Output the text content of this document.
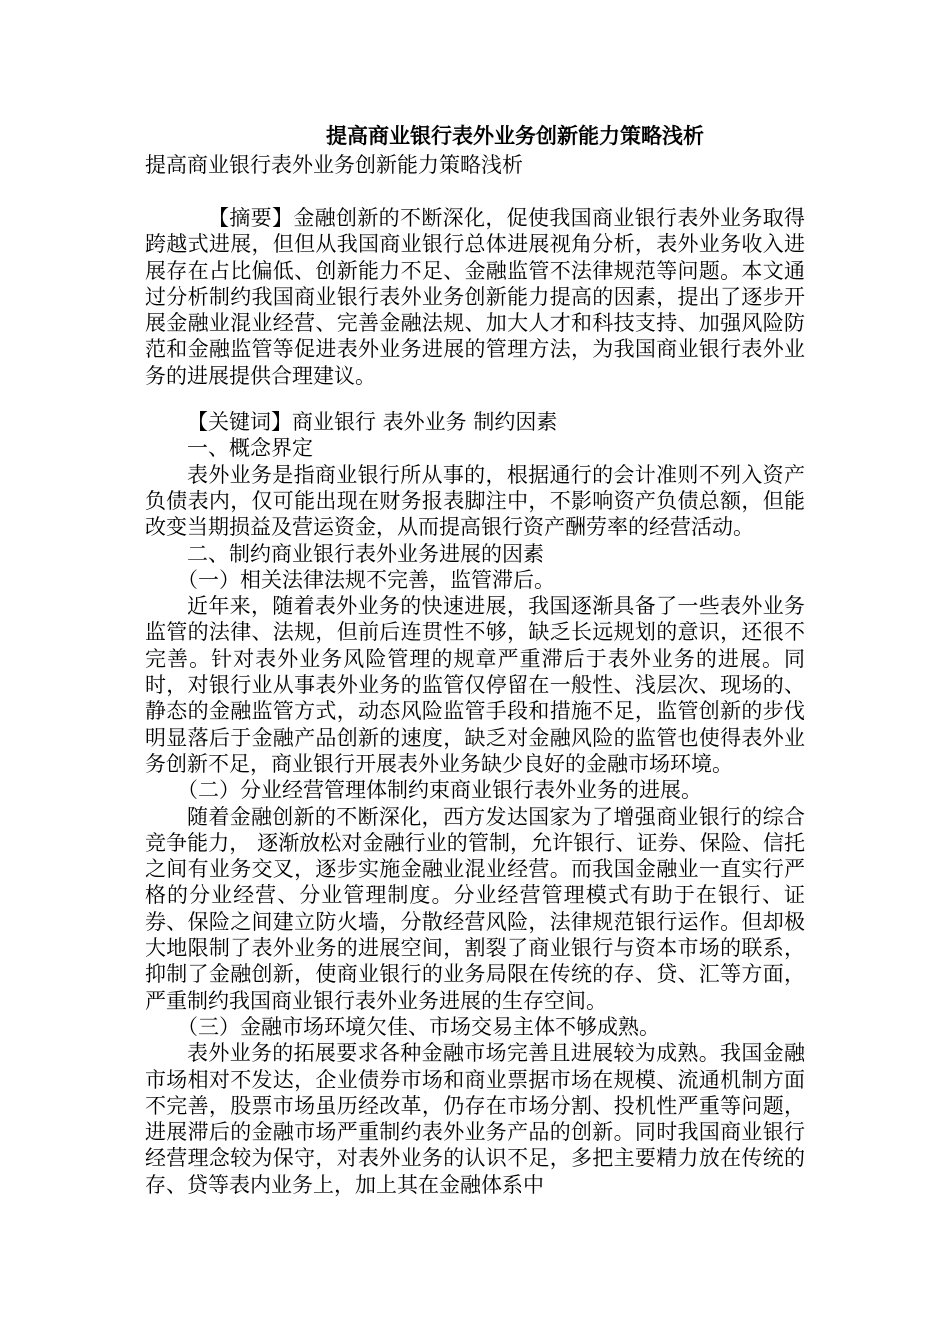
提高商业银行表外业务创新能力策略浅析

提高商业银行表外业务创新能力策略浅析

【摘要】金融创新的不断深化，促使我国商业银行表外业务取得跨越式进展，但但从我国商业银行总体进展视角分析，表外业务收入进展存在占比偏低、创新能力不足、金融监管不法律规范等问题。本文通过分析制约我国商业银行表外业务创新能力提高的因素，提出了逐步开展金融业混业经营、完善金融法规、加大人才和科技支持、加强风险防范和金融监管等促进表外业务进展的管理方法，为我国商业银行表外业务的进展提供合理建议。

【关键词】商业银行 表外业务 制约因素

一、概念界定

表外业务是指商业银行所从事的，根据通行的会计准则不列入资产负债表内，仅可能出现在财务报表脚注中，不影响资产负债总额，但能改变当期损益及营运资金，从而提高银行资产酬劳率的经营活动。

二、制约商业银行表外业务进展的因素

（一）相关法律法规不完善，监管滞后。

近年来，随着表外业务的快速进展，我国逐渐具备了一些表外业务监管的法律、法规，但前后连贯性不够，缺乏长远规划的意识，还很不完善。针对表外业务风险管理的规章严重滞后于表外业务的进展。同时，对银行业从事表外业务的监管仅停留在一般性、浅层次、现场的、静态的金融监管方式，动态风险监管手段和措施不足，监管创新的步伐明显落后于金融产品创新的速度，缺乏对金融风险的监管也使得表外业务创新不足，商业银行开展表外业务缺少良好的金融市场环境。

（二）分业经营管理体制约束商业银行表外业务的进展。

随着金融创新的不断深化，西方发达国家为了增强商业银行的综合竞争能力， 逐渐放松对金融行业的管制，允许银行、证券、保险、信托之间有业务交叉，逐步实施金融业混业经营。而我国金融业一直实行严格的分业经营、分业管理制度。分业经营管理模式有助于在银行、证券、保险之间建立防火墙，分散经营风险，法律规范银行运作。但却极大地限制了表外业务的进展空间，割裂了商业银行与资本市场的联系，抑制了金融创新，使商业银行的业务局限在传统的存、贷、汇等方面，严重制约我国商业银行表外业务进展的生存空间。

（三）金融市场环境欠佳、市场交易主体不够成熟。

表外业务的拓展要求各种金融市场完善且进展较为成熟。我国金融市场相对不发达，企业债券市场和商业票据市场在规模、流通机制方面不完善，股票市场虽历经改革，仍存在市场分割、投机性严重等问题，进展滞后的金融市场严重制约表外业务产品的创新。同时我国商业银行经营理念较为保守，对表外业务的认识不足，多把主要精力放在传统的存、贷等表内业务上，加上其在金融体系中
